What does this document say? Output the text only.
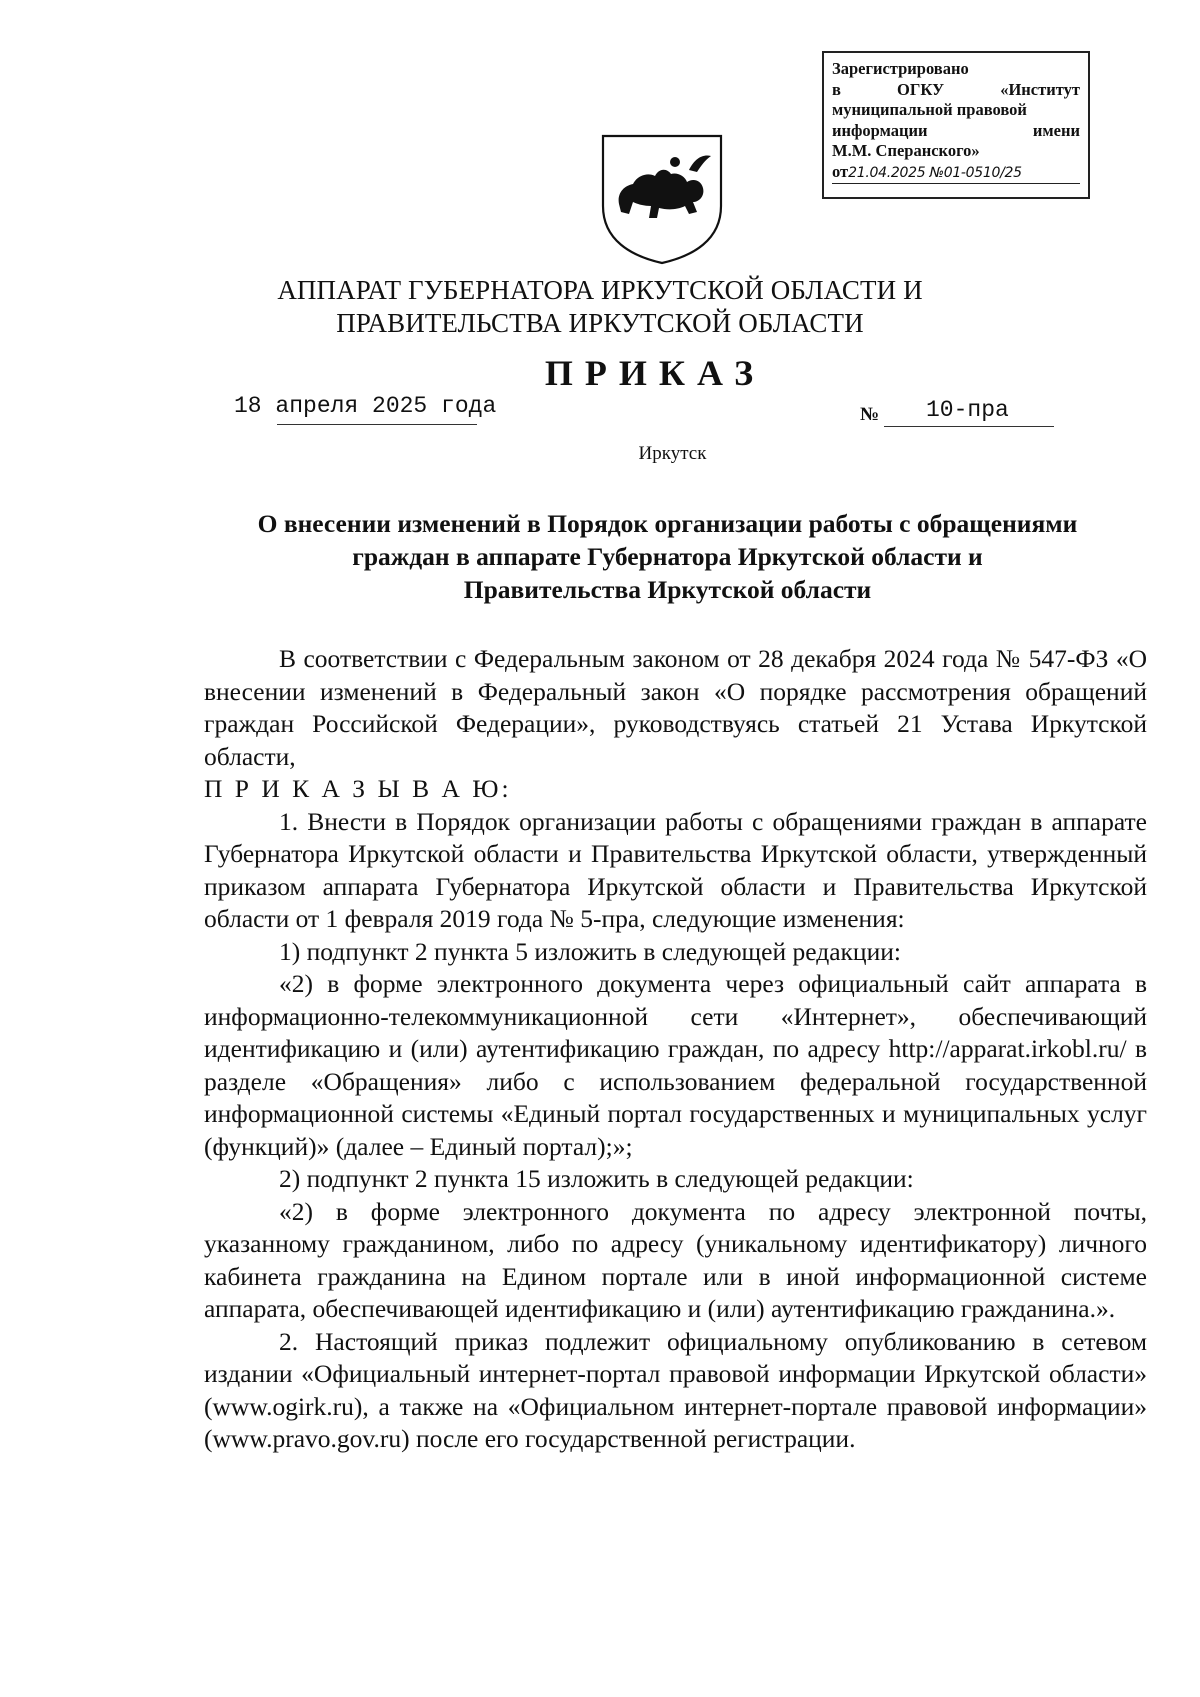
Зарегистрировано
в	ОГКУ	«Институт
муниципальной правовой
информации	имени
М.М. Сперанского»
от21.04.2025 №01-0510/25
АППАРАТ ГУБЕРНАТОРА ИРКУТСКОЙ ОБЛАСТИ И
ПРАВИТЕЛЬСТВА ИРКУТСКОЙ ОБЛАСТИ
ПРИКАЗ
18 апреля 2025 года	№ 10-пра
Иркутск
О внесении изменений в Порядок организации работы с обращениями
граждан в аппарате Губернатора Иркутской области и
Правительства Иркутской области

В соответствии с Федеральным законом от 28 декабря 2024 года № 547-ФЗ «О внесении изменений в Федеральный закон «О порядке рассмотрения обращений граждан Российской Федерации», руководствуясь статьей 21 Устава Иркутской области,

П Р И К А З Ы В А Ю:

1. Внести в Порядок организации работы с обращениями граждан в аппарате Губернатора Иркутской области и Правительства Иркутской области, утвержденный приказом аппарата Губернатора Иркутской области и Правительства Иркутской области от 1 февраля 2019 года № 5-пра, следующие изменения:

1) подпункт 2 пункта 5 изложить в следующей редакции:

«2) в форме электронного документа через официальный сайт аппарата в информационно-телекоммуникационной сети «Интернет», обеспечивающий идентификацию и (или) аутентификацию граждан, по адресу http://apparat.irkobl.ru/ в разделе «Обращения» либо с использованием федеральной государственной информационной системы «Единый портал государственных и муниципальных услуг (функций)» (далее – Единый портал);»;

2) подпункт 2 пункта 15 изложить в следующей редакции:

«2) в форме электронного документа по адресу электронной почты, указанному гражданином, либо по адресу (уникальному идентификатору) личного кабинета гражданина на Едином портале или в иной информационной системе аппарата, обеспечивающей идентификацию и (или) аутентификацию гражданина.».

2. Настоящий приказ подлежит официальному опубликованию в сетевом издании «Официальный интернет-портал правовой информации Иркутской области» (www.ogirk.ru), а также на «Официальном интернет-портале правовой информации» (www.pravo.gov.ru) после его государственной регистрации.
